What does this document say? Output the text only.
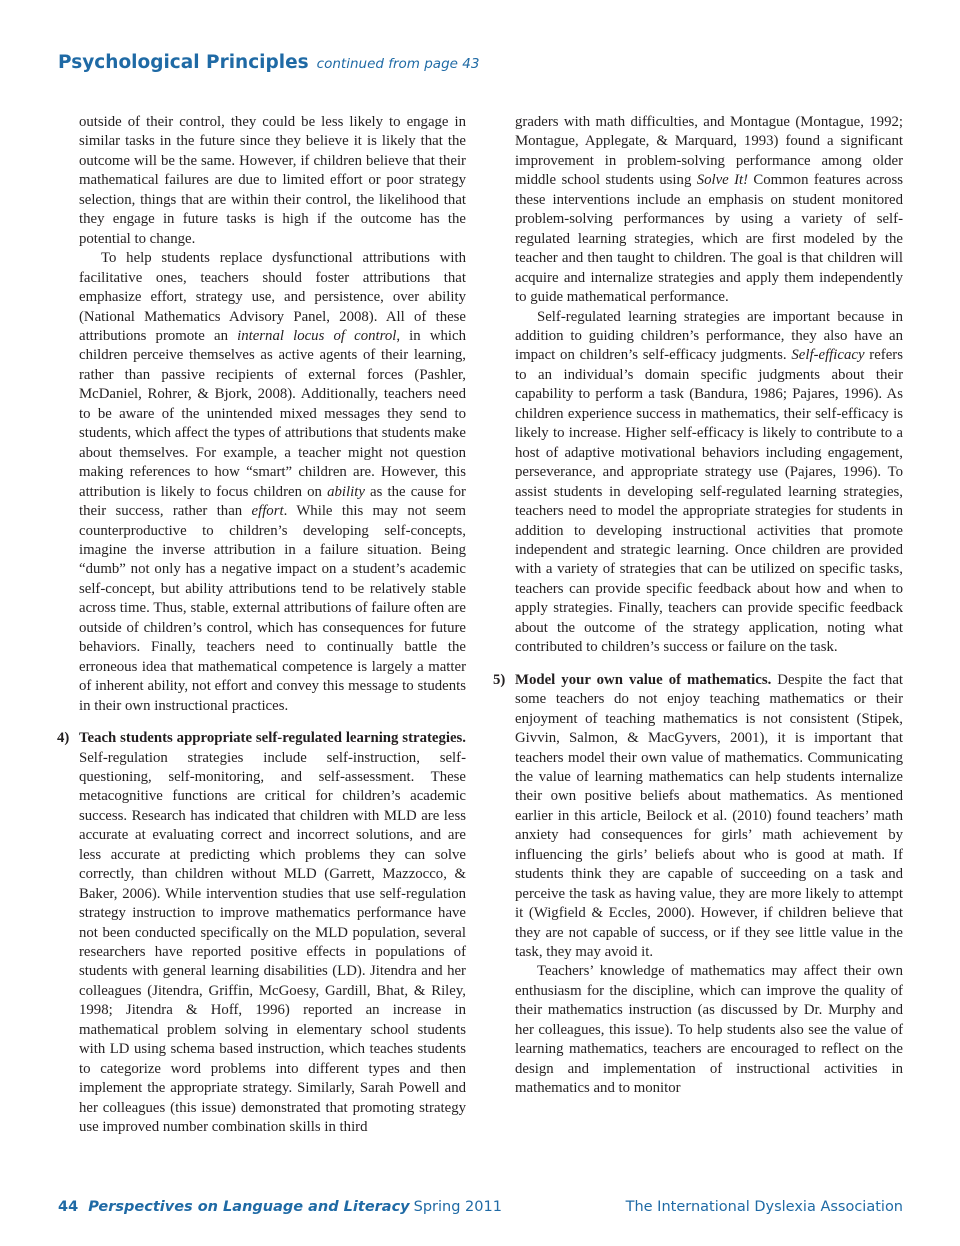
Psychological Principles continued from page 43

outside of their control, they could be less likely to engage in similar tasks in the future since they believe it is likely that the outcome will be the same. However, if children believe that their mathematical failures are due to limited effort or poor strategy selection, things that are within their control, the likelihood that they engage in future tasks is high if the outcome has the potential to change.

To help students replace dysfunctional attributions with facilitative ones, teachers should foster attributions that emphasize effort, strategy use, and persistence, over ability (National Mathematics Advisory Panel, 2008). All of these attributions promote an internal locus of control, in which children perceive themselves as active agents of their learning, rather than passive recipients of external forces (Pashler, McDaniel, Rohrer, & Bjork, 2008). Additionally, teachers need to be aware of the unintended mixed messages they send to students, which affect the types of attributions that students make about themselves. For example, a teacher might not question making references to how “smart” children are. However, this attribution is likely to focus children on ability as the cause for their success, rather than effort. While this may not seem counterproductive to children’s developing self-concepts, imagine the inverse attribution in a failure situation. Being “dumb” not only has a negative impact on a student’s academic self-concept, but ability attributions tend to be relatively stable across time. Thus, stable, external attributions of failure often are outside of children’s control, which has consequences for future behaviors. Finally, teachers need to continually battle the erroneous idea that mathematical competence is largely a matter of inherent ability, not effort and convey this message to students in their own instructional practices.

4) Teach students appropriate self-regulated learning strategies. Self-regulation strategies include self-instruction, self-questioning, self-monitoring, and self-assessment. These metacognitive functions are critical for children’s academic success. Research has indicated that children with MLD are less accurate at evaluating correct and incorrect solutions, and are less accurate at predicting which problems they can solve correctly, than children without MLD (Garrett, Mazzocco, & Baker, 2006). While intervention studies that use self-regulation strategy instruction to improve mathematics performance have not been conducted specifically on the MLD population, several researchers have reported positive effects in populations of students with general learning disabilities (LD). Jitendra and her colleagues (Jitendra, Griffin, McGoesy, Gardill, Bhat, & Riley, 1998; Jitendra & Hoff, 1996) reported an increase in mathematical problem solving in elementary school students with LD using schema based instruction, which teaches students to categorize word problems into different types and then implement the appropriate strategy. Similarly, Sarah Powell and her colleagues (this issue) demonstrated that promoting strategy use improved number combination skills in third

graders with math difficulties, and Montague (Montague, 1992; Montague, Applegate, & Marquard, 1993) found a significant improvement in problem-solving performance among older middle school students using Solve It! Common features across these interventions include an emphasis on student monitored problem-solving performances by using a variety of self-regulated learning strategies, which are first modeled by the teacher and then taught to children. The goal is that children will acquire and internalize strategies and apply them independently to guide mathematical performance.

Self-regulated learning strategies are important because in addition to guiding children’s performance, they also have an impact on children’s self-efficacy judgments. Self-efficacy refers to an individual’s domain specific judgments about their capability to perform a task (Bandura, 1986; Pajares, 1996). As children experience success in mathematics, their self-efficacy is likely to increase. Higher self-efficacy is likely to contribute to a host of adaptive motivational behaviors including engagement, perseverance, and appropriate strategy use (Pajares, 1996). To assist students in developing self-regulated learning strategies, teachers need to model the appropriate strategies for students in addition to developing instructional activities that promote independent and strategic learning. Once children are provided with a variety of strategies that can be utilized on specific tasks, teachers can provide specific feedback about how and when to apply strategies. Finally, teachers can provide specific feedback about the outcome of the strategy application, noting what contributed to children’s success or failure on the task.

5) Model your own value of mathematics. Despite the fact that some teachers do not enjoy teaching mathematics or their enjoyment of teaching mathematics is not consistent (Stipek, Givvin, Salmon, & MacGyvers, 2001), it is important that teachers model their own value of mathematics. Communicating the value of learning mathematics can help students internalize their own positive beliefs about mathematics. As mentioned earlier in this article, Beilock et al. (2010) found teachers’ math anxiety had consequences for girls’ math achievement by influencing the girls’ beliefs about who is good at math. If students think they are capable of succeeding on a task and perceive the task as having value, they are more likely to attempt it (Wigfield & Eccles, 2000). However, if children believe that they are not capable of success, or if they see little value in the task, they may avoid it.

Teachers’ knowledge of mathematics may affect their own enthusiasm for the discipline, which can improve the quality of their mathematics instruction (as discussed by Dr. Murphy and her colleagues, this issue). To help students also see the value of learning mathematics, teachers are encouraged to reflect on the design and implementation of instructional activities in mathematics and to monitor

44 Perspectives on Language and Literacy Spring 2011	The International Dyslexia Association
